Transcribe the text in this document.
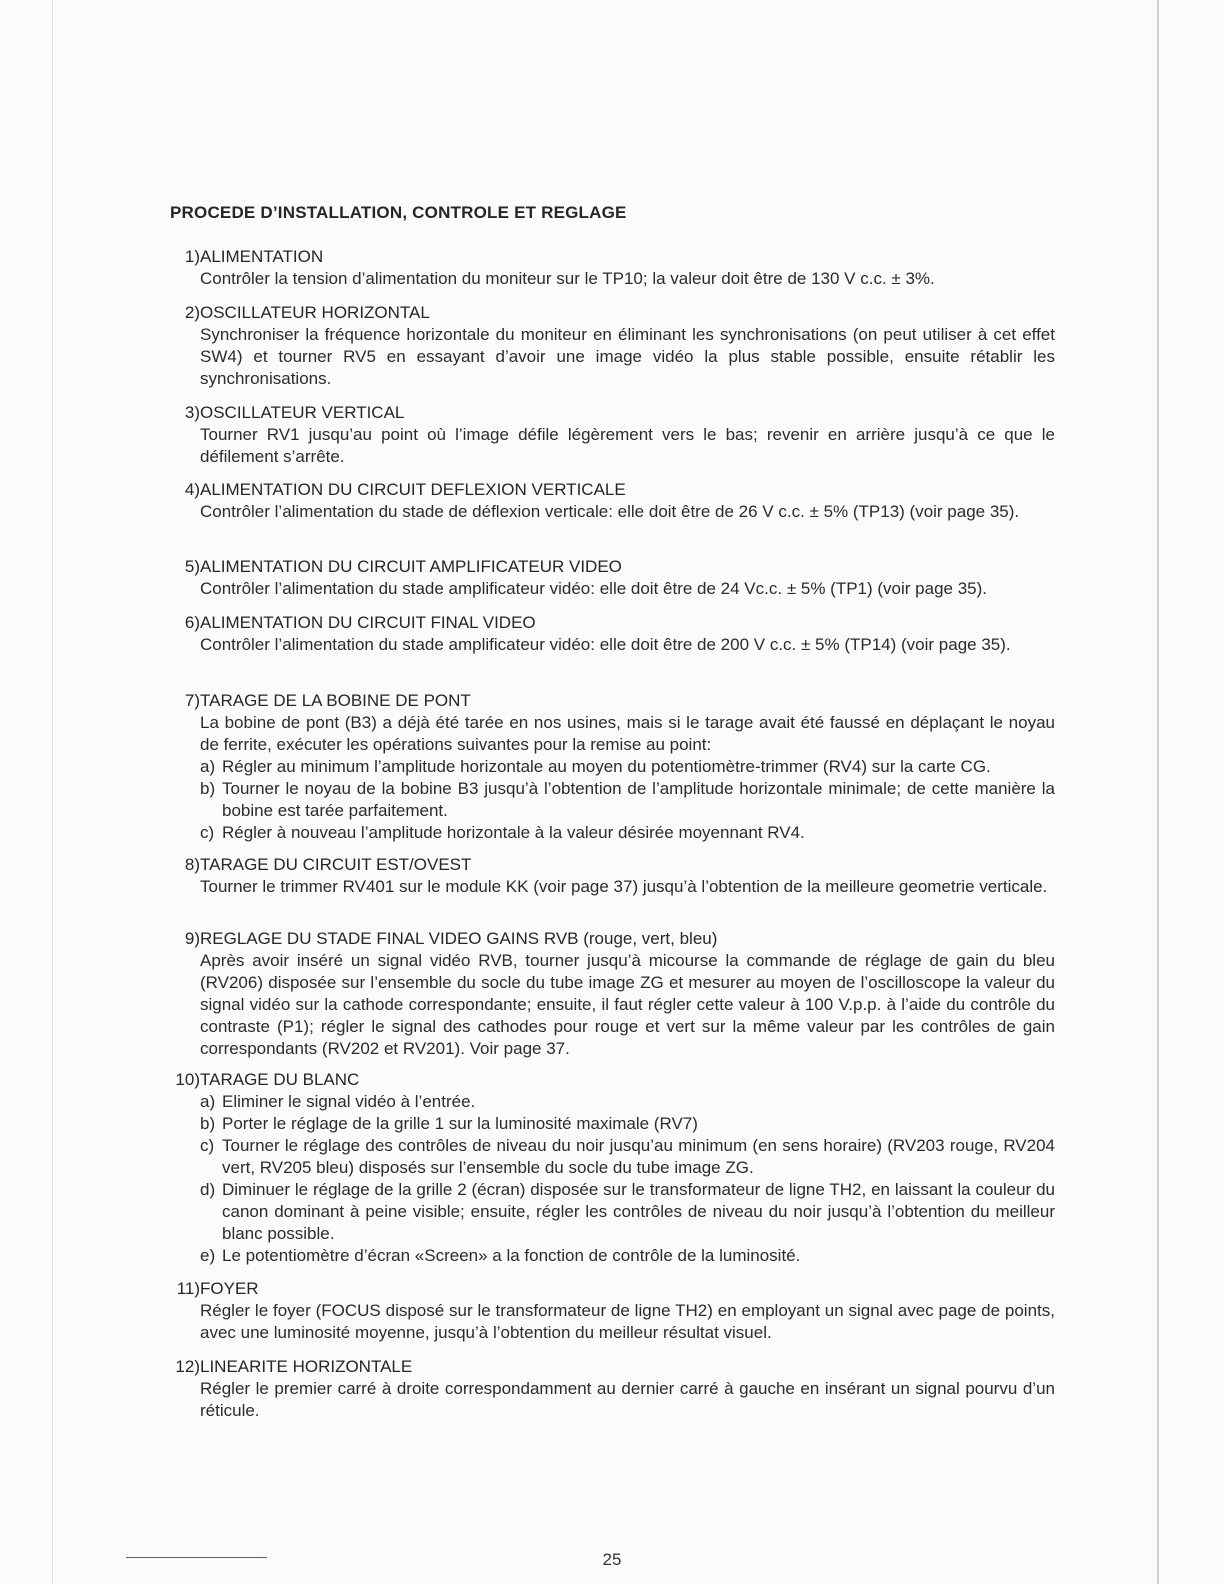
PROCEDE D’INSTALLATION, CONTROLE ET REGLAGE
1) ALIMENTATION
Contrôler la tension d’alimentation du moniteur sur le TP10; la valeur doit être de 130 V c.c. ± 3%.
2) OSCILLATEUR HORIZONTAL
Synchroniser la fréquence horizontale du moniteur en éliminant les synchronisations (on peut utiliser à cet effet SW4) et tourner RV5 en essayant d’avoir une image vidéo la plus stable possible, ensuite rétablir les synchronisations.
3) OSCILLATEUR VERTICAL
Tourner RV1 jusqu’au point où l’image défile légèrement vers le bas; revenir en arrière jusqu’à ce que le défilement s’arrête.
4) ALIMENTATION DU CIRCUIT DEFLEXION VERTICALE
Contrôler l’alimentation du stade de déflexion verticale: elle doit être de 26 V c.c. ± 5% (TP13) (voir page 35).
5) ALIMENTATION DU CIRCUIT AMPLIFICATEUR VIDEO
Contrôler l’alimentation du stade amplificateur vidéo: elle doit être de 24 Vc.c. ± 5% (TP1) (voir page 35).
6) ALIMENTATION DU CIRCUIT FINAL VIDEO
Contrôler l’alimentation du stade amplificateur vidéo: elle doit être de 200 V c.c. ± 5% (TP14) (voir page 35).
7) TARAGE DE LA BOBINE DE PONT
La bobine de pont (B3) a déjà été tarée en nos usines, mais si le tarage avait été faussé en déplaçant le noyau de ferrite, exécuter les opérations suivantes pour la remise au point:
a) Régler au minimum l’amplitude horizontale au moyen du potentiomètre-trimmer (RV4) sur la carte CG.
b) Tourner le noyau de la bobine B3 jusqu’à l’obtention de l’amplitude horizontale minimale; de cette manière la bobine est tarée parfaitement.
c) Régler à nouveau l’amplitude horizontale à la valeur désirée moyennant RV4.
8) TARAGE DU CIRCUIT EST/OVEST
Tourner le trimmer RV401 sur le module KK (voir page 37) jusqu’à l’obtention de la meilleure geometrie verticale.
9) REGLAGE DU STADE FINAL VIDEO GAINS RVB (rouge, vert, bleu)
Après avoir inséré un signal vidéo RVB, tourner jusqu’à micourse la commande de réglage de gain du bleu (RV206) disposée sur l’ensemble du socle du tube image ZG et mesurer au moyen de l’oscilloscope la valeur du signal vidéo sur la cathode correspondante; ensuite, il faut régler cette valeur à 100 V.p.p. à l’aide du contrôle du contraste (P1); régler le signal des cathodes pour rouge et vert sur la même valeur par les contrôles de gain correspondants (RV202 et RV201). Voir page 37.
10) TARAGE DU BLANC
a) Eliminer le signal vidéo à l’entrée.
b) Porter le réglage de la grille 1 sur la luminosité maximale (RV7)
c) Tourner le réglage des contrôles de niveau du noir jusqu’au minimum (en sens horaire) (RV203 rouge, RV204 vert, RV205 bleu) disposés sur l’ensemble du socle du tube image ZG.
d) Diminuer le réglage de la grille 2 (écran) disposée sur le transformateur de ligne TH2, en laissant la couleur du canon dominant à peine visible; ensuite, régler les contrôles de niveau du noir jusqu’à l’obtention du meilleur blanc possible.
e) Le potentiomètre d’écran «Screen» a la fonction de contrôle de la luminosité.
11) FOYER
Régler le foyer (FOCUS disposé sur le transformateur de ligne TH2) en employant un signal avec page de points, avec une luminosité moyenne, jusqu’à l’obtention du meilleur résultat visuel.
12) LINEARITE HORIZONTALE
Régler le premier carré à droite correspondamment au dernier carré à gauche en insérant un signal pourvu d’un réticule.
25
